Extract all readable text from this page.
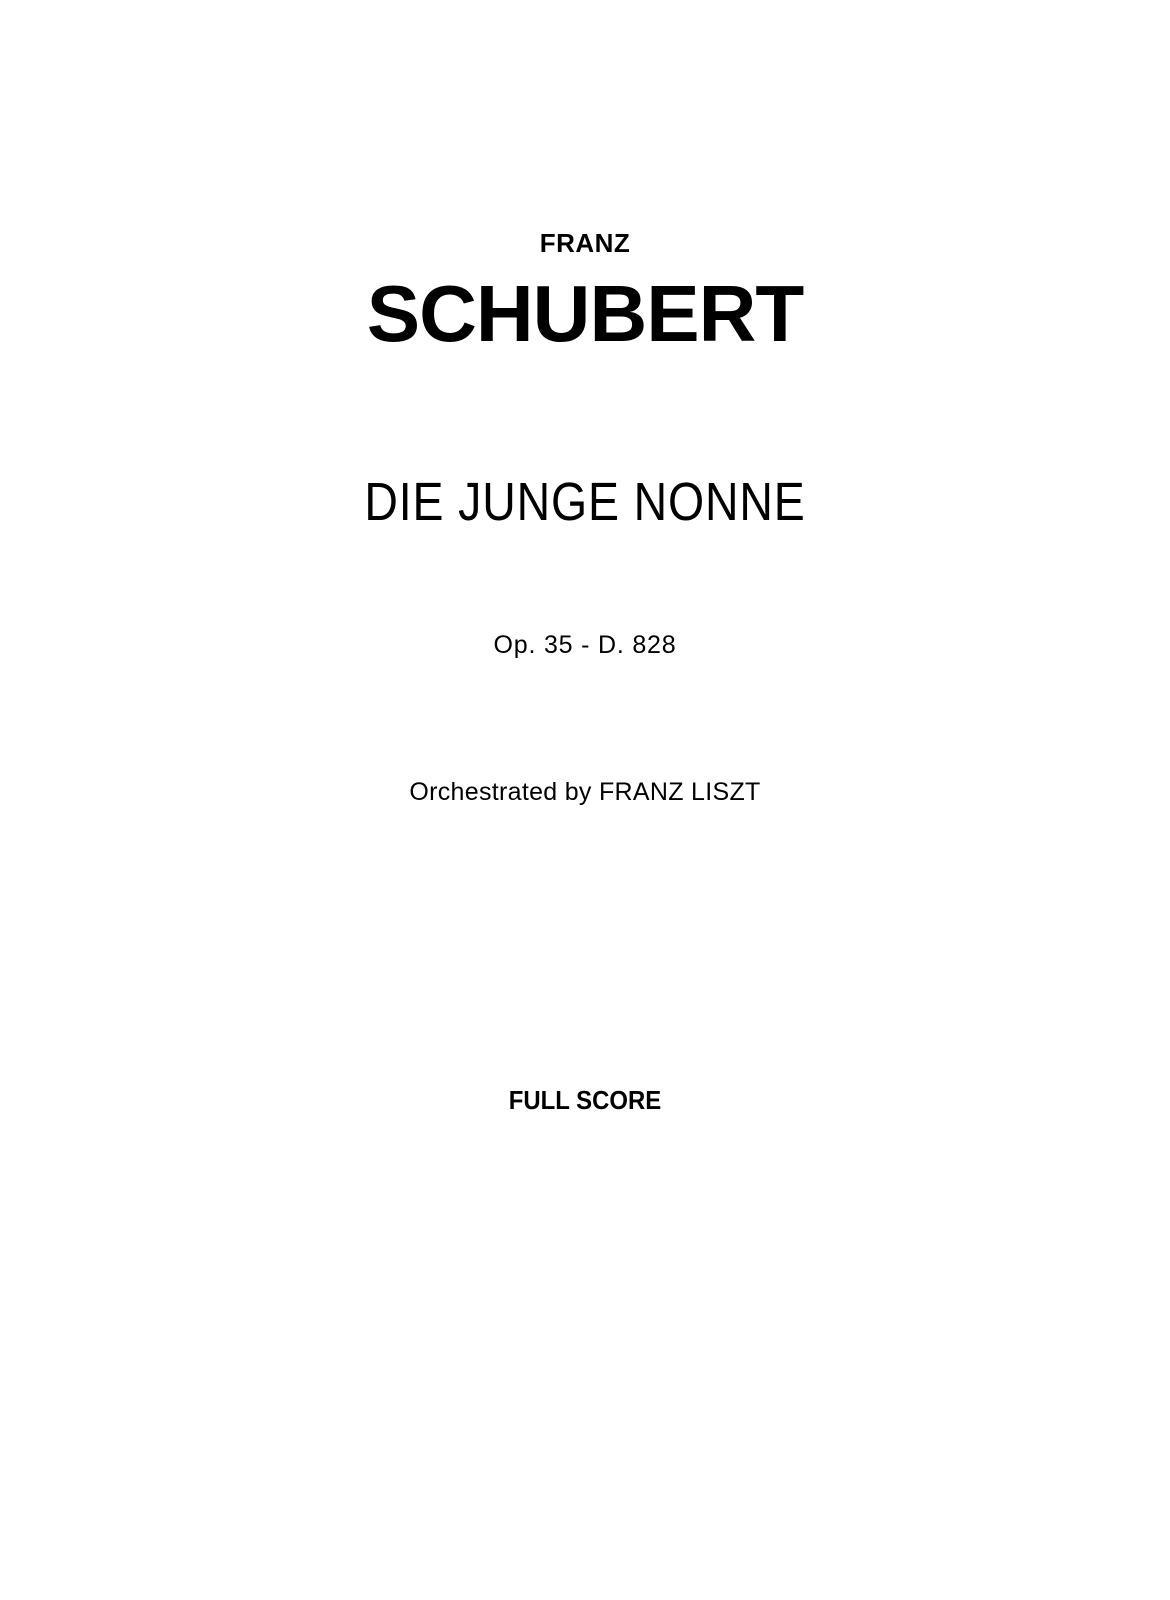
FRANZ
SCHUBERT
DIE JUNGE NONNE
Op. 35 - D. 828
Orchestrated by FRANZ LISZT
FULL SCORE
